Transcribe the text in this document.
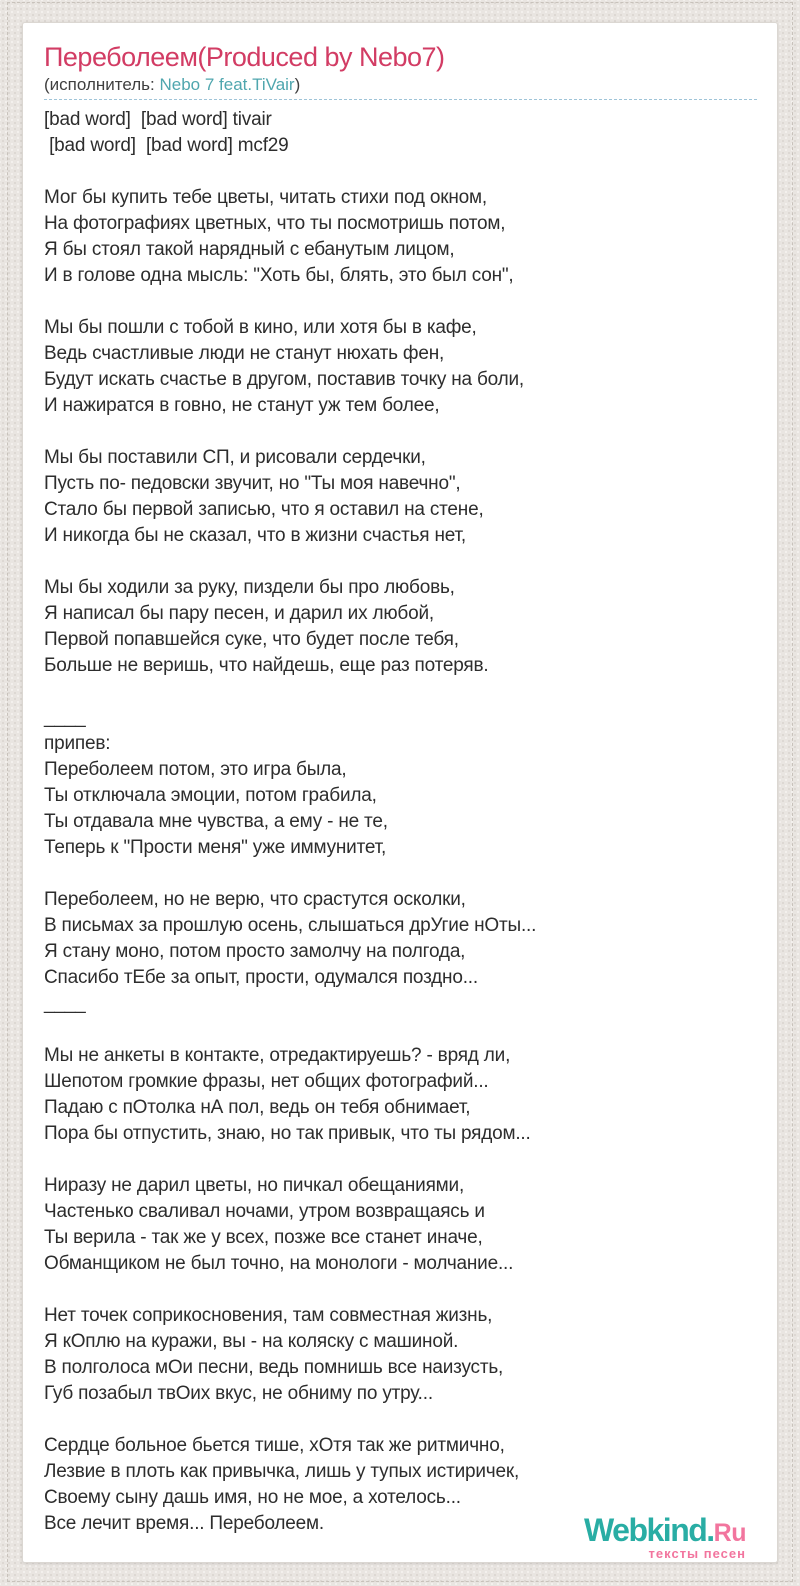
Переболеем(Produced by Nebo7)
(исполнитель: Nebo 7 feat.TiVair)
[bad word]  [bad word] tivair
[bad word]  [bad word] mcf29

Мог бы купить тебе цветы, читать стихи под окном,
На фотографиях цветных, что ты посмотришь потом,
Я бы стоял такой нарядный с ебанутым лицом,
И в голове одна мысль: "Хоть бы, блять, это был сон",

Мы бы пошли с тобой в кино, или хотя бы в кафе,
Ведь счастливые люди не станут нюхать фен,
Будут искать счастье в другом, поставив точку на боли,
И нажиратся в говно, не станут уж тем более,

Мы бы поставили СП, и рисовали сердечки,
Пусть по- педовски звучит, но "Ты моя навечно",
Стало бы первой записью, что я оставил на стене,
И никогда бы не сказал, что в жизни счастья нет,

Мы бы ходили за руку, пиздели бы про любовь,
Я написал бы пару песен, и дарил их любой,
Первой попавшейся суке, что будет после тебя,
Больше не веришь, что найдешь, еще раз потеряв.

____
припев:
Переболеем потом, это игра была,
Ты отключала эмоции, потом грабила,
Ты отдавала мне чувства, а ему - не те,
Теперь к "Прости меня" уже иммунитет,

Переболеем, но не верю, что срастутся осколки,
В письмах за прошлую осень, слышаться дрУгие нОты...
Я стану моно, потом просто замолчу на полгода,
Спасибо тЕбе за опыт, прости, одумался поздно...
____

Мы не анкеты в контакте, отредактируешь? - вряд ли,
Шепотом громкие фразы, нет общих фотографий...
Падаю с пОтолка нА пол, ведь он тебя обнимает,
Пора бы отпустить, знаю, но так привык, что ты рядом...

Ниразу не дарил цветы, но пичкал обещаниями,
Частенько сваливал ночами, утром возвращаясь и
Ты верила - так же у всех, позже все станет иначе,
Обманщиком не был точно, на монологи - молчание...

Нет точек соприкосновения, там совместная жизнь,
Я кОплю на куражи, вы - на коляску с машиной.
В полголоса мОи песни, ведь помнишь все наизусть,
Губ позабыл твОих вкус, не обниму по утру...

Сердце больное бьется тише, хОтя так же ритмично,
Лезвие в плоть как привычка, лишь у тупых истиричек,
Своему сыну дашь имя, но не мое, а хотелось...
Все лечит время... Переболеем.	Webkind.Ru
тексты песен
